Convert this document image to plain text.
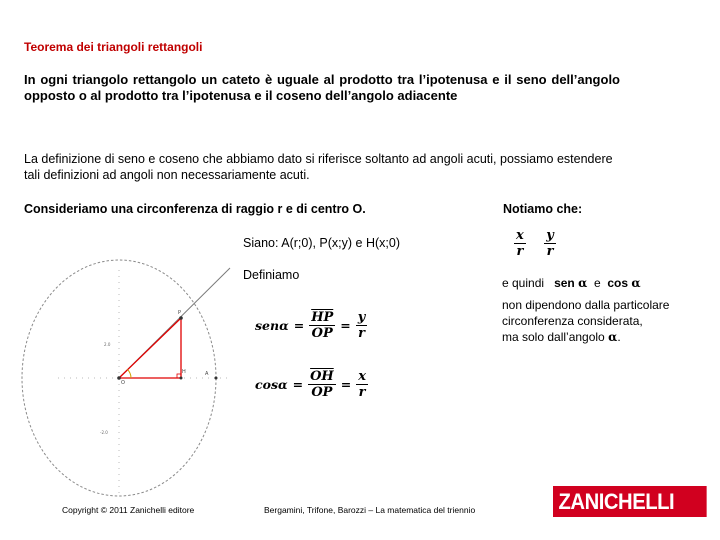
Teorema dei triangoli rettangoli
In ogni triangolo rettangolo un cateto è uguale al prodotto tra l’ipotenusa e il seno dell’angolo opposto o al prodotto tra l’ipotenusa e il coseno dell’angolo adiacente
La definizione di seno e coseno che abbiamo dato si riferisce soltanto ad angoli acuti, possiamo estendere tali definizioni ad angoli non necessariamente acuti.
Consideriamo una circonferenza di raggio r e di centro O.	Notiamo che:
Siano: A(r;0), P(x;y) e H(x;0)
Definiamo
$\frac{x}{r}$
$\frac{y}{r}$
e quindi sen α e cos α
non dipendono dalla particolare circonferenza considerata,
ma solo dall’angolo α.
$sen\alpha = \frac{\overline{HP}}{OP} = \frac{y}{r}$
$\cos\alpha = \frac{\overline{OH}}{OP} = \frac{x}{r}$
O
H	A
P
2.0
-2.0
Copyright © 2011 Zanichelli editore	Bergamini, Trifone, Barozzi – La matematica del triennio	ZANICHELLI
